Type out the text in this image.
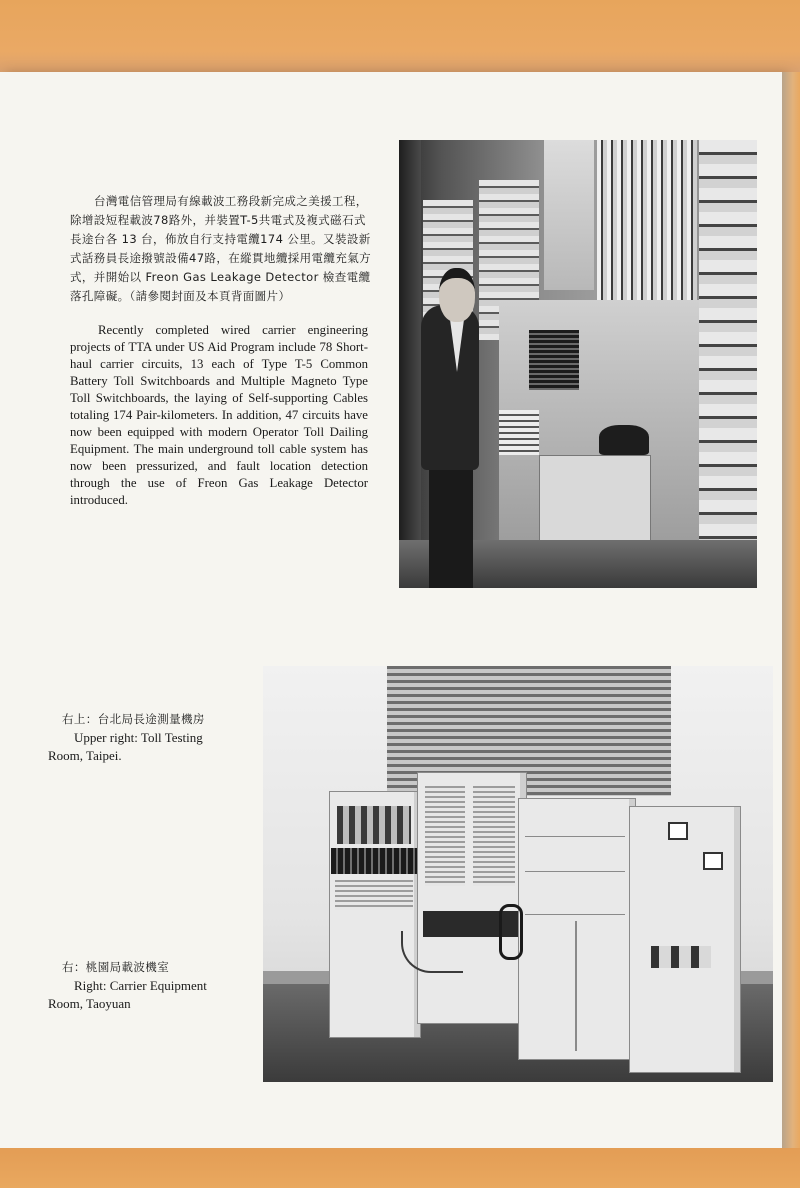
台灣電信管理局有線載波工務段新完成之美援工程，除增設短程載波78路外，并裝置T-5共電式及複式磁石式長途台各 13 台，佈放自行支持電纜174 公里。又裝設新式話務員長途撥號設備47路，在縱貫地纜採用電纜充氣方式，并開始以 Freon Gas Leakage Detector 檢查電纜落孔障礙。（請參閱封面及本頁背面圖片）

Recently completed wired carrier engineering projects of TTA under US Aid Program include 78 Short-haul carrier circuits, 13 each of Type T-5 Common Battery Toll Switchboards and Multiple Magneto Type Toll Switchboards, the laying of Self-supporting Cables totaling 174 Pair-kilometers. In addition, 47 circuits have now been equipped with modern Operator Toll Dailing Equipment. The main underground toll cable system has now been pressurized, and fault location detection through the use of Freon Gas Leakage Detector introduced.

右上：台北局長途測量機房
Upper right: Toll Testing
Room, Taipei.
右：桃園局載波機室
Right: Carrier Equipment
Room, Taoyuan
